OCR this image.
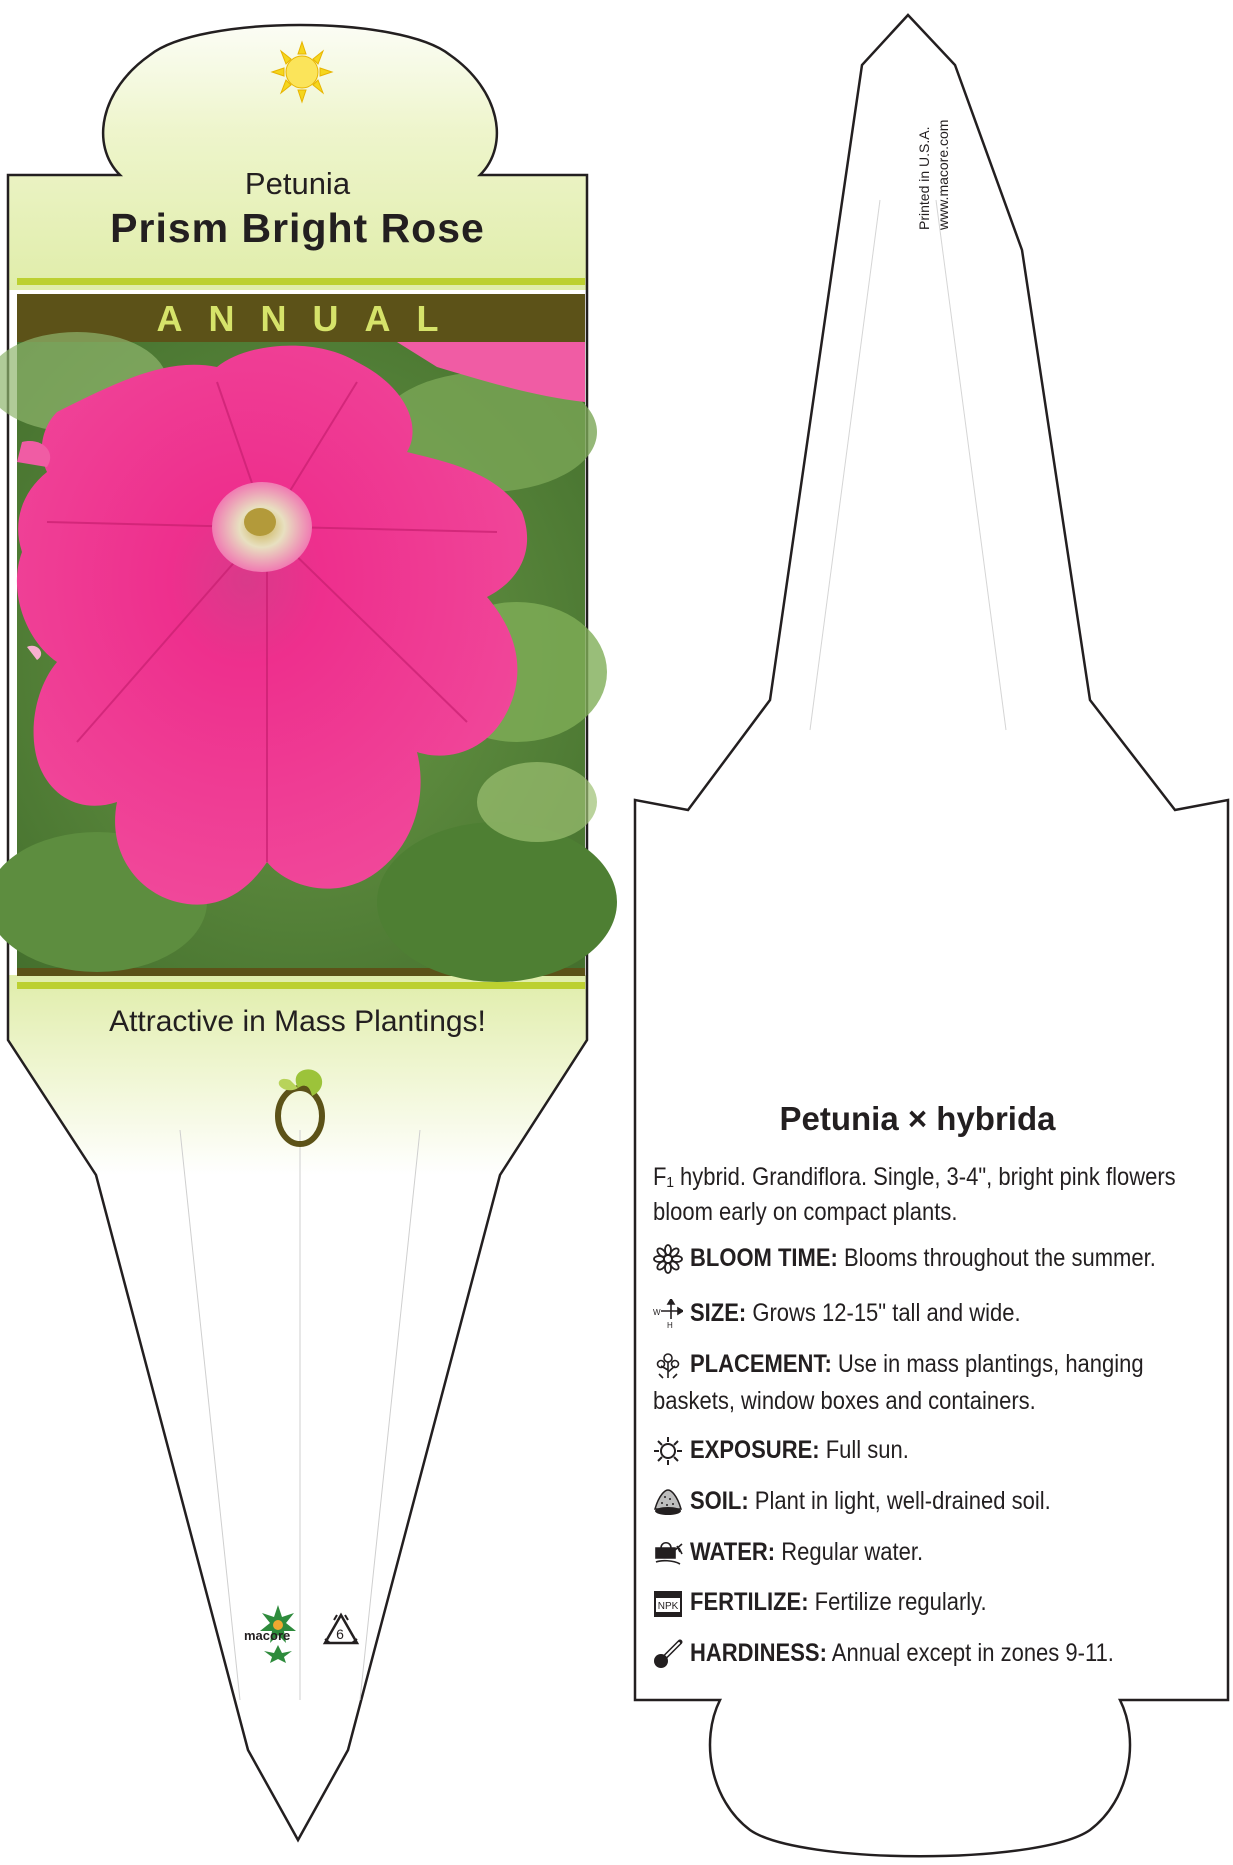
Petunia
Prism Bright Rose
ANNUAL
Attractive in Mass Plantings!
macore	6
Printed in U.S.A. www.macore.com
Petunia × hybrida
F₁ hybrid. Grandiflora. Single, 3-4", bright pink flowers
bloom early on compact plants.
BLOOM TIME: Blooms throughout the summer.
W
H SIZE: Grows 12-15" tall and wide.
PLACEMENT: Use in mass plantings, hanging
baskets, window boxes and containers.
EXPOSURE: Full sun.
SOIL: Plant in light, well-drained soil.
WATER: Regular water.
NPK FERTILIZE: Fertilize regularly.
HARDINESS: Annual except in zones 9-11.
